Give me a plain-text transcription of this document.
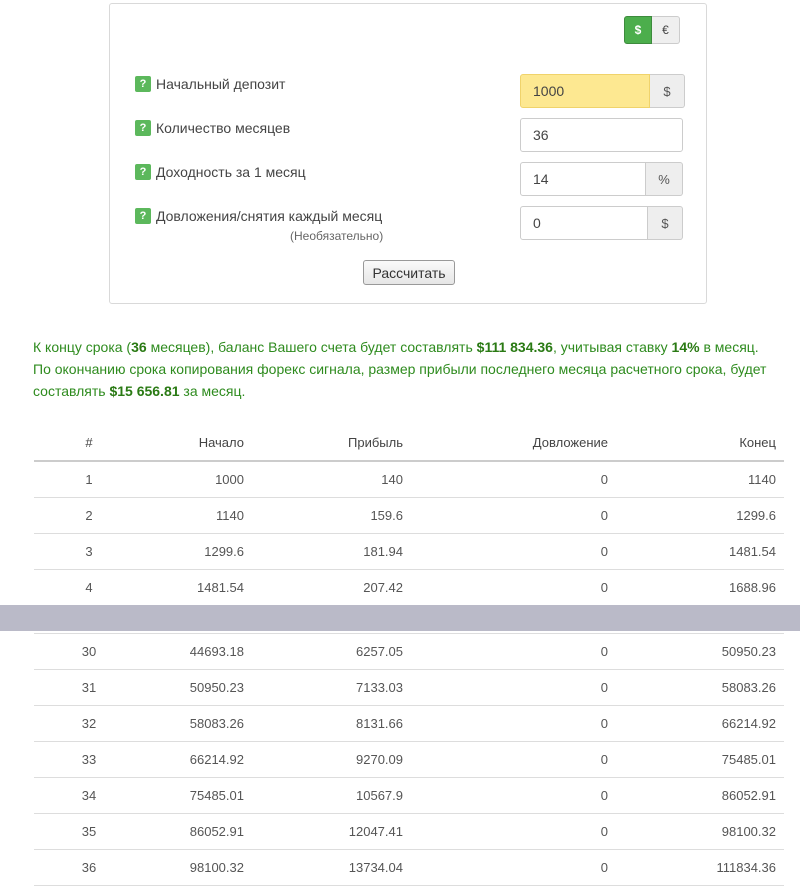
$	€
? Начальный депозит	1000	$
? Количество месяцев	36
? Доходность за 1 месяц	14	%
? Довложения/снятия каждый месяц
(Необязательно)
0	$
Рассчитать
К концу срока (36 месяцев), баланс Вашего счета будет составлять $111 834.36, учитывая ставку 14% в месяц.
По окончанию срока копирования форекс сигнала, размер прибыли последнего месяца расчетного срока, будет составлять $15 656.81 за месяц.
#	Начало	Прибыль	Довложение	Конец
1	1000	140	0	1140
2	1140	159.6	0	1299.6
3	1299.6	181.94	0	1481.54
4	1481.54	207.42	0	1688.96
30	44693.18	6257.05	0	50950.23
31	50950.23	7133.03	0	58083.26
32	58083.26	8131.66	0	66214.92
33	66214.92	9270.09	0	75485.01
34	75485.01	10567.9	0	86052.91
35	86052.91	12047.41	0	98100.32
36	98100.32	13734.04	0	111834.36
